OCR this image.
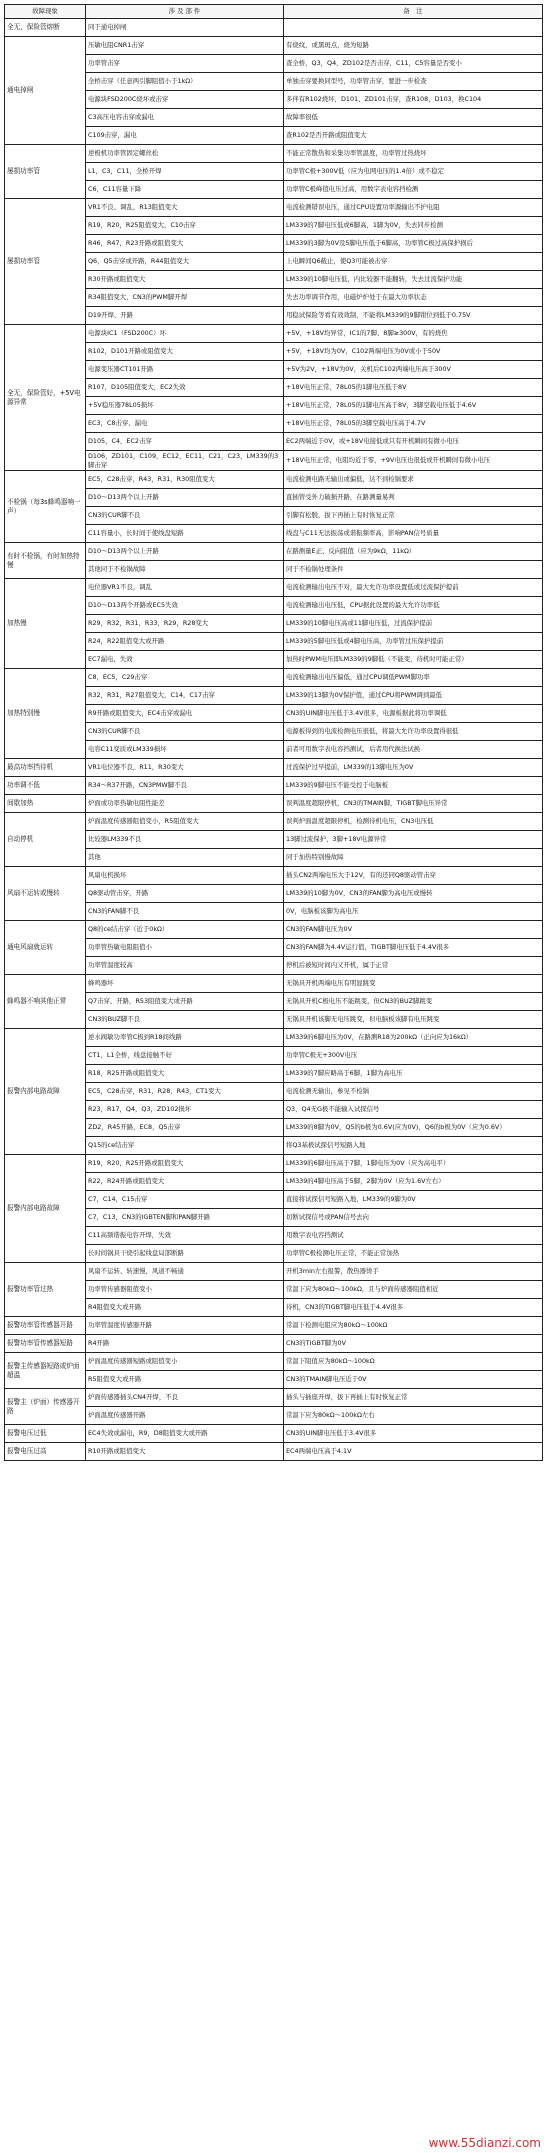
故障现象	涉 及 部 件	备　注
全无，保险管熔断	同于通电掉闸	
通电掉闸	压敏电阻CNR1击穿	有烧纹，或黑斑点，烧为短路
	功率管击穿	查全桥，Q3，Q4，ZD102是否击穿，C11，C5容量是否变小
	全桥击穿（任意两引脚阻值小于1kΩ）	单独击穿要换同型号，功率管击穿，要进一步检查
	电源块FSD200C烧坏或击穿	多伴有R102烧坏，D101、ZD101击穿，查R108，D103，换C104
	C3高压电容击穿或漏电	故障率很低
	C109击穿，漏电	查R102是否开路或阻值变大
屡损功率管	逆极机功率管固定螺丝松	不能正常散热和采集功率管温度，功率管过热烧坏
	L1，C3，C11，全桥开焊	功率管C极+300V低（应为电网电压的1.4倍）或不稳定
	C6，C11容量下降	功率管C极峰值电压过高，用数字表电容挡检测
屡损功率管	VR1不良、调乱，R13阻值变大	电流检测错误电压，通过CPU设置功率源输出不护电阻
	R19，R20，R25阻值变大，C10击穿	LM339的7脚电压低或6脚高，1脚为0V，失去同步检测
	R46，R47，R23开路或阻值变大	LM339的3脚为0V及5脚电压低于6脚高，功率管C极过高保护损后
	Q6，Q5击穿或开路，R44阻值变大	上电瞬间Q6截止，使Q3可能被击穿
	R30开路或阻值变大	LM339的10脚电压低，内比较器不能翻转，失去过流保护功能
	R34阻值变大，CN3的PWM脚开焊	失去功率调节作用，电磁炉炉处于在最大功率状态
	D19开焊、开路	用稳试保险等看有效效制，不能将LM339的9脚钳位到低于0.75V
全无，保险管好，+5V电源异常	电源块IC1（FSD200C）坏	+5V，+18V均异常，IC1的7脚、8脚≥300V，有的烧焦
	R102，D101开路或阻值变大	+5V，+18V均为0V，C102两端电压为0V或小于50V
	电源变压器CT101开路	+5V为2V，+18V为0V，关机后C102两端电压高于300V
	R107，D105阻值变大，EC2失效	+18V电压正常，78L05的1脚电压低于8V
	+5V稳压器78L05损坏	+18V电压正常，78L05的1脚电压高于8V，3脚空载电压低于4.6V
	EC3，C8击穿、漏电	+18V电压正常，78L05的3脚空载电压高于4.7V
	D105，C4，EC2击穿	EC2两端近于0V，或+18V电接低或只有开机瞬间有微小电压
	D106，ZD101，C109，EC12，EC11，C21，C23，LM339的3脚击穿	+18V电压正常，电阻均近于零，+9V电压也很低或开机瞬间有微小电压
不检锅（每3s蜂鸣器响一声）	EC5，C28击穿，R43，R31，R30阻值变大	电流检测电路无输出或偏低，达不到检锅要求
	D10～D13两个以上开路	直插管受外力破损开路，在路测量易判
	CN3的CUR脚不良	引脚有松脱，拔下再插上有时恢复正常
	C11容量小，长时间于使线盘短路	线盘与C11无法振荡或谐振频率高，影响PAN信号质量
有时不检锅，有时加热特慢	D10～D13两个以上开路	在路测量E正、反向阻值（应为9kΩ，11kΩ）
	其他同于不检锅故障	同于不检锅处理条件
加热慢	电位器VR1不良，调乱	电流检测输出电压不对，最大允许功率设置低或过流保护提前
	D10～D13两个开路或EC5失效	电流检测输出电压低，CPU据此设置的最大允许功率低
	R29，R32，R31，R33，R29，R28变大	LM339的10脚电压高或11脚电压低，过流保护提前
	R24，R22阻值变大或开路	LM339的5脚电压低或4脚电压高，功率管过压保护提前
	EC7漏电，失效	加热时PWM电压即LM339的9脚低（不能变，待机时可能正常）
加热特别慢	C8，EC5，C29击穿	电流检测输出电压偏低，通过CPU调低PWM脚功率
	R32，R31，R27阻值变大，C14，C17击穿	LM339的13脚为0V保护值，通过CPU将PWM调到最低
	R9开路或阻值变大，EC4击穿或漏电	CN3的UIN脚电压低于3.4V很多，电源板据此将功率调低
	CN3的CUR脚不良	电源板得到的电流检测电压很低，将最大允许功率设置得很低
	电容C11变质或LM339损坏	前者可用数字表电容挡测试，后者用代换法试换
最高功率挡待机	VR1电位器不良，R11，R30变大	过流保护过早提前，LM339的13脚电压为0V
功率调不低	R34～R37开路，CN3PMW脚不良	LM339的9脚电压不能受控于电脑板
间歇加热	炉面或功率热敏电阻性能差	误判温度超限停机，CN3的TMAIN脚，TIGBT脚电压异常
自动停机	炉面温度传感器阻值变小，R5阻值变大	误判炉面温度超限停机，检测待机电压，CN3电压低
	比较器LM339不良	13脚过流保护，3脚+18V电源异常
	其他	同于加热特别慢故障
风扇不运转或慢转	风扇电机损坏	插头CN2两端电压大于12V，有的还同Q8驱动管击穿
	Q8驱动管击穿，开路	LM339的10脚为0V，CN3的FAN脚为高电压或慢转
	CN3的FAN脚不良	0V，电脑板该脚为高电压
通电风扇就运转	Q8的ce结击穿（近于0kΩ）	CN3的FAN脚电压为0V
	功率管热敏电阻阻值小	CN3的FAN脚为4.4V运行值，TIGBT脚电压低于4.4V很多
	功率管温度较高	停机后被短时间内又开机，属于正常
蜂鸣器不响其他正常	蜂鸣器坏	无锅具开机两端电压有明显跳变
	Q7击穿、开路，R53阻值变大或开路	无锅具开机C极电压不能跳变，但CN3的BUZ脚跳变
	CN3的BUZ脚不良	无锅具开机该脚无电压跳变，但电脑板该脚有电压跳变
报警内部电路故障	逆水阀敏功率管C极到R18间线路	LM339的6脚电压为0V，在路测R18为200kΩ（正向应为16kΩ）
	CT1，L1全桥，线盘接触不好	功率管C极无+300V电压
	R18，R25开路或阻值变大	LM339的7脚应略高于6脚，1脚为高电压
	EC5，C28击穿，R31，R28，R43，CT1变大	电流检测无输出，参见不检锅
	R23，R17，Q4，Q3，ZD102损坏	Q3，Q4无G极不能输入试探信号
	ZD2，R45开路，EC8，Q5击穿	LM339的8脚为0V，Q5的b极为0.6V(应为0V)，Q6的b极为0V（应为0.6V）
	Q15的ce结击穿	将Q3基极试探信号短路入地
报警内部电路故障	R19，R20，R25开路或阻值变大	LM339的6脚电压高于7脚，1脚电压为0V（应为高电平）
	R22，R24开路或阻值变大	LM339的4脚电压高于5脚，2脚为0V（应为1.6V左右）
	C7，C14，C15击穿	直接将试探信号短路入地，LM339的9脚为0V
	C7，C13，CN3的IGBTEN脚和PAN脚开路	切断试探信号或PAN信号去向
	C11高频谐振电容开焊，失效	用数字表电容挡测试
	长时间锅具干烧引起线盘局部断路	功率管C极检测电压正常，不能正常加热
报警功率管过热	风扇不运转、转速慢，风道不畅通	开机3min左右报警，散热器烫手
	功率管传感器阻值变小	常温下应为80kΩ～100kΩ，且与炉面传感器阻值相近
	R4阻值变大或开路	待机，CN3的TIGBT脚电压低于4.4V很多
报警功率管传感器开路	功率管温度传感器开路	常温下检测电阻应为80kΩ～100kΩ
报警功率管传感器短路	R4开路	CN3的TIGBT脚为0V
报警主传感器短路或炉面超温	炉面温度传感器短路或阻值变小	常温下阻值应为80kΩ～100kΩ
	R5阻值变大或开路	CN3的TMAIN脚电压近于0V
报警主（炉面）传感器开路	炉面传感器插头CN4开焊，不良	插头与插座开焊，拔下再插上有时恢复正常
	炉面温度传感器开路	常温下应为80kΩ～100kΩ左右
报警电压过低	EC4失效或漏电，R9，D8阻值变大或开路	CN3的UIN脚电压低于3.4V很多
报警电压过高	R10开路或阻值变大	EC4两端电压高于4.1V
www.55dianzi.com
